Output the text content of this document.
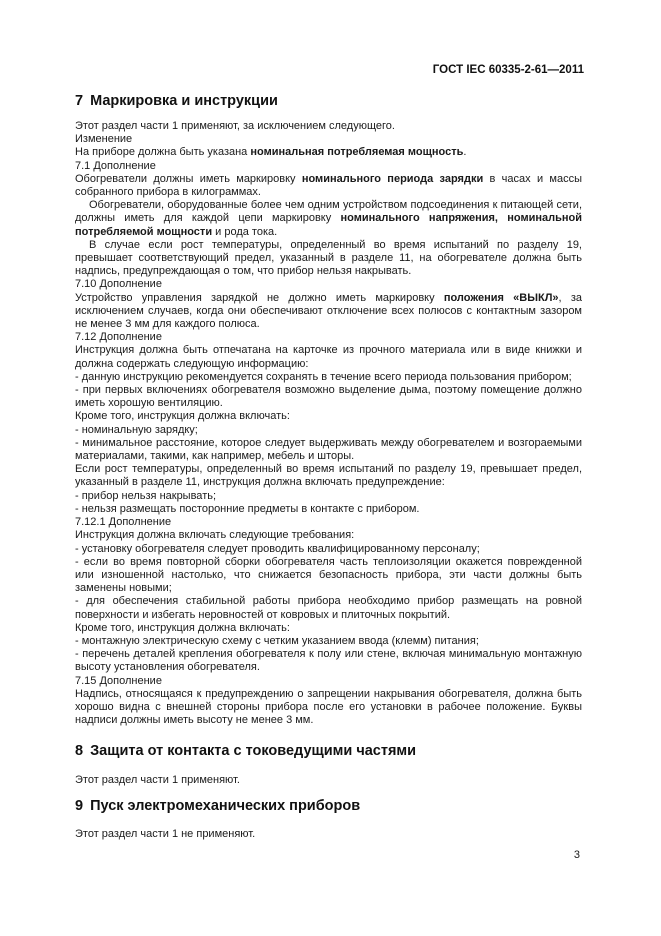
ГОСТ IEC 60335-2-61—2011
7 Маркировка и инструкции

Этот раздел части 1 применяют, за исключением следующего.

Изменение

На приборе должна быть указана номинальная потребляемая мощность.

7.1 Дополнение

Обогреватели должны иметь маркировку номинального периода зарядки в часах и массы собранного прибора в килограммах.

Обогреватели, оборудованные более чем одним устройством подсоединения к питающей сети, должны иметь для каждой цепи маркировку номинального напряжения, номинальной потребляемой мощности и рода тока.

В случае если рост температуры, определенный во время испытаний по разделу 19, превышает соответствующий предел, указанный в разделе 11, на обогревателе должна быть надпись, предупреждающая о том, что прибор нельзя накрывать.

7.10 Дополнение

Устройство управления зарядкой не должно иметь маркировку положения «ВЫКЛ», за исключением случаев, когда они обеспечивают отключение всех полюсов с контактным зазором не менее 3 мм для каждого полюса.

7.12 Дополнение

Инструкция должна быть отпечатана на карточке из прочного материала или в виде книжки и должна содержать следующую информацию:

- данную инструкцию рекомендуется сохранять в течение всего периода пользования прибором;

- при первых включениях обогревателя возможно выделение дыма, поэтому помещение должно иметь хорошую вентиляцию.

Кроме того, инструкция должна включать:

- номинальную зарядку;

- минимальное расстояние, которое следует выдерживать между обогревателем и возгораемыми материалами, такими, как например, мебель и шторы.

Если рост температуры, определенный во время испытаний по разделу 19, превышает предел, указанный в разделе 11, инструкция должна включать предупреждение:

- прибор нельзя накрывать;

- нельзя размещать посторонние предметы в контакте с прибором.

7.12.1 Дополнение

Инструкция должна включать следующие требования:

- установку обогревателя следует проводить квалифицированному персоналу;

- если во время повторной сборки обогревателя часть теплоизоляции окажется поврежденной или изношенной настолько, что снижается безопасность прибора, эти части должны быть заменены новыми;

- для обеспечения стабильной работы прибора необходимо прибор размещать на ровной поверхности и избегать неровностей от ковровых и плиточных покрытий.

Кроме того, инструкция должна включать:

- монтажную электрическую схему с четким указанием ввода (клемм) питания;

- перечень деталей крепления обогревателя к полу или стене, включая минимальную монтажную высоту установления обогревателя.

7.15 Дополнение

Надпись, относящаяся к предупреждению о запрещении накрывания обогревателя, должна быть хорошо видна с внешней стороны прибора после его установки в рабочее положение. Буквы надписи должны иметь высоту не менее 3 мм.

8 Защита от контакта с токоведущими частями
Этот раздел части 1 применяют.
9 Пуск электромеханических приборов
Этот раздел части 1 не применяют.
3
